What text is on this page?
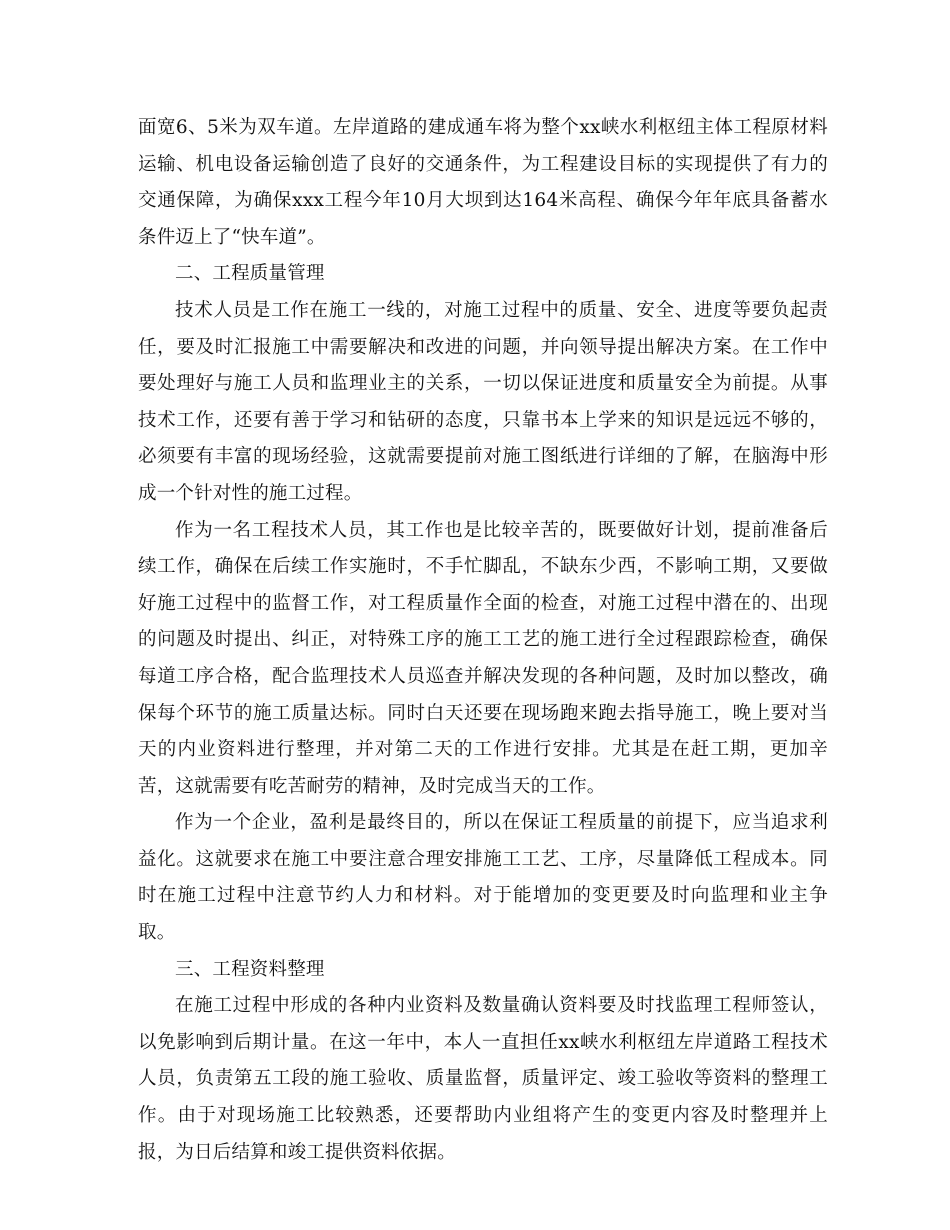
面宽6、5米为双车道。左岸道路的建成通车将为整个xx峡水利枢纽主体工程原材料运输、机电设备运输创造了良好的交通条件，为工程建设目标的实现提供了有力的交通保障，为确保xxx工程今年10月大坝到达164米高程、确保今年年底具备蓄水条件迈上了“快车道”。

二、工程质量管理

技术人员是工作在施工一线的，对施工过程中的质量、安全、进度等要负起责任，要及时汇报施工中需要解决和改进的问题，并向领导提出解决方案。在工作中要处理好与施工人员和监理业主的关系，一切以保证进度和质量安全为前提。从事技术工作，还要有善于学习和钻研的态度，只靠书本上学来的知识是远远不够的，必须要有丰富的现场经验，这就需要提前对施工图纸进行详细的了解，在脑海中形成一个针对性的施工过程。

作为一名工程技术人员，其工作也是比较辛苦的，既要做好计划，提前准备后续工作，确保在后续工作实施时，不手忙脚乱，不缺东少西，不影响工期，又要做好施工过程中的监督工作，对工程质量作全面的检查，对施工过程中潜在的、出现的问题及时提出、纠正，对特殊工序的施工工艺的施工进行全过程跟踪检查，确保每道工序合格，配合监理技术人员巡查并解决发现的各种问题，及时加以整改，确保每个环节的施工质量达标。同时白天还要在现场跑来跑去指导施工，晚上要对当天的内业资料进行整理，并对第二天的工作进行安排。尤其是在赶工期，更加辛苦，这就需要有吃苦耐劳的精神，及时完成当天的工作。

作为一个企业，盈利是最终目的，所以在保证工程质量的前提下，应当追求利益化。这就要求在施工中要注意合理安排施工工艺、工序，尽量降低工程成本。同时在施工过程中注意节约人力和材料。对于能增加的变更要及时向监理和业主争取。

三、工程资料整理

在施工过程中形成的各种内业资料及数量确认资料要及时找监理工程师签认，以免影响到后期计量。在这一年中，本人一直担任xx峡水利枢纽左岸道路工程技术人员，负责第五工段的施工验收、质量监督，质量评定、竣工验收等资料的整理工作。由于对现场施工比较熟悉，还要帮助内业组将产生的变更内容及时整理并上报，为日后结算和竣工提供资料依据。
